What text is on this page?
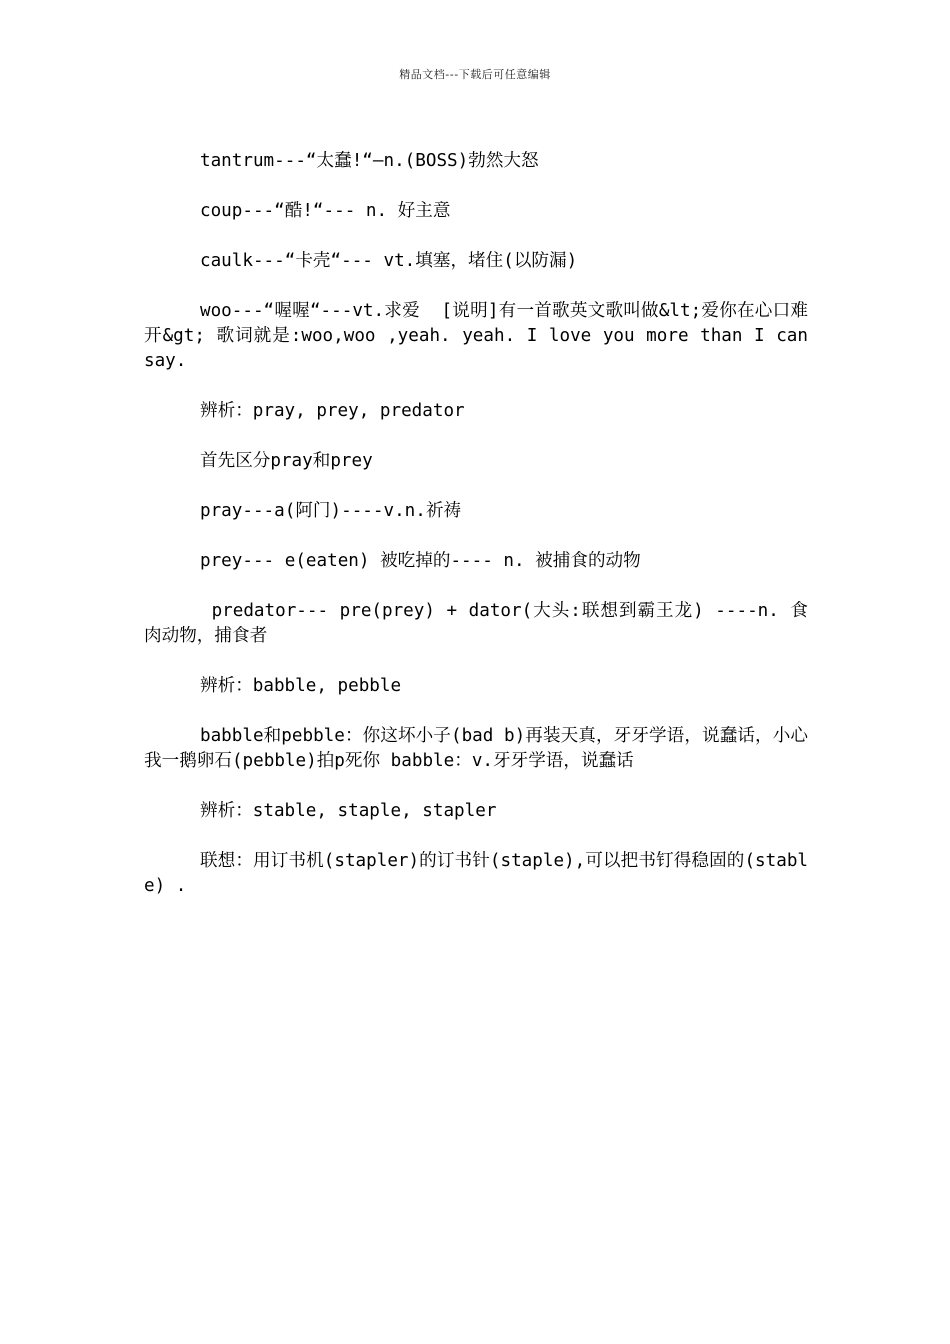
精品文档---下载后可任意编辑

tantrum---“太蠢!“—n.(BOSS)勃然大怒

coup---“酷!“--- n. 好主意

caulk---“卡壳“--- vt.填塞，堵住(以防漏)

woo---“喔喔“---vt.求爱  [说明]有一首歌英文歌叫做&lt;爱你在心口难开&gt; 歌词就是:woo,woo ,yeah. yeah. I love you more than I can say.

辨析：pray, prey, predator

首先区分pray和prey

pray---a(阿门)----v.n.祈祷

prey--- e(eaten) 被吃掉的---- n. 被捕食的动物

predator--- pre(prey) + dator(大头:联想到霸王龙) ----n. 食肉动物，捕食者

辨析：babble, pebble

babble和pebble：你这坏小子(bad b)再装天真，牙牙学语，说蠢话，小心我一鹅卵石(pebble)拍p死你 babble：v.牙牙学语，说蠢话

辨析：stable, staple, stapler

联想：用订书机(stapler)的订书针(staple),可以把书钉得稳固的(stable) .
